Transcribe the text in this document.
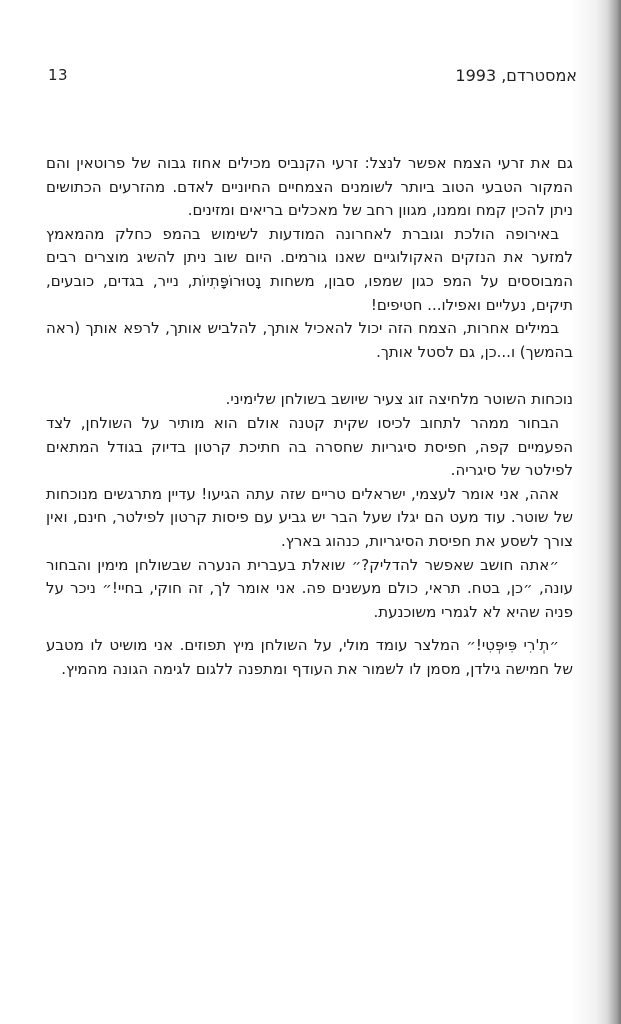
13	אמסטרדם, 1993

גם את זרעי הצמח אפשר לנצל: זרעי הקנביס מכילים אחוז גבוה של פרוטאין והם המקור הטבעי הטוב ביותר לשומנים הצמחיים החיוניים לאדם. מהזרעים הכתושים ניתן להכין קמח וממנו, מגוון רחב של מאכלים בריאים ומזינים.

באירופה הולכת וגוברת לאחרונה המודעות לשימוש בהמפ כחלק מהמאמץ למזער את הנזקים האקולוגיים שאנו גורמים. היום שוב ניתן להשיג מוצרים רבים המבוססים על המפ כגון שמפו, סבון, משחות נָטוּרוֹפָּתִיוֹת, נייר, בגדים, כובעים, תיקים, נעליים ואפילו... חטיפים!

במילים אחרות, הצמח הזה יכול להאכיל אותך, להלביש אותך, לרפא אותך (ראה בהמשך) ו...כן, גם לסטל אותך.

נוכחות השוטר מלחיצה זוג צעיר שיושב בשולחן שלימיני.

הבחור ממהר לתחוב לכיסו שקית קטנה אולם הוא מותיר על השולחן, לצד הפעמיים קפה, חפיסת סיגריות שחסרה בה חתיכת קרטון בדיוק בגודל המתאים לפילטר של סיגריה.

אהה, אני אומר לעצמי, ישראלים טריים שזה עתה הגיעו! עדיין מתרגשים מנוכחות של שוטר. עוד מעט הם יגלו שעל הבר יש גביע עם פיסות קרטון לפילטר, חינם, ואין צורך לשסע את חפיסת הסיגריות, כנהוג בארץ.

״אתה חושב שאפשר להדליק?״ שואלת בעברית הנערה שבשולחן מימין והבחור עונה, ״כן, בטח. תראי, כולם מעשנים פה. אני אומר לך, זה חוקי, בחיי!״ ניכר על פניה שהיא לא לגמרי משוכנעת.

״תְ'רִי פִּיפְּטִי!״ המלצר עומד מולי, על השולחן מיץ תפוזים. אני מושיט לו מטבע של חמישה גילדן, מסמן לו לשמור את העודף ומתפנה ללגום לגימה הגונה מהמיץ.
